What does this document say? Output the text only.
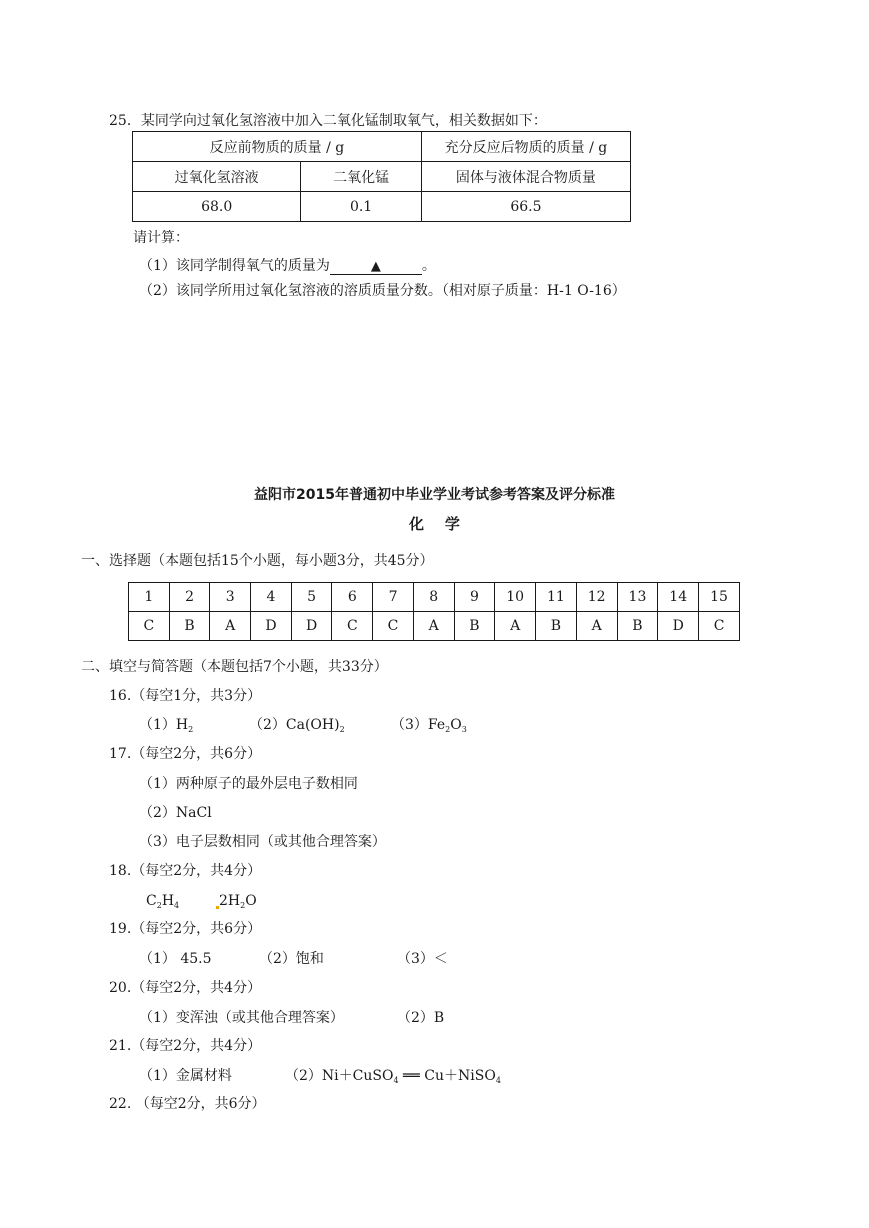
25．某同学向过氧化氢溶液中加入二氧化锰制取氧气，相关数据如下：
反应前物质的质量 / g		充分反应后物质的质量 / g
过氧化氢溶液	二氧化锰	固体与液体混合物质量
68.0	0.1	66.5
请计算：
（1）该同学制得氧气的质量为	▲	。
（2）该同学所用过氧化氢溶液的溶质质量分数。（相对原子质量：H-1 O-16）
益阳市2015年普通初中毕业学业考试参考答案及评分标准
化    学
一、选择题（本题包括15个小题，每小题3分，共45分）
1	2	3	4	5	6	7	8	9	10	11	12	13	14	15
C	B	A	D	D	C	C	A	B	A	B	A	B	D	C
二、填空与简答题（本题包括7个小题，共33分）
16.（每空1分，共3分）
$(1)H_2$	$(2)Ca(OH)_2$	$(3)Fe_2O_3$
17.（每空2分，共6分）
（1）两种原子的最外层电子数相同
（2）NaCl
（3）电子层数相同（或其他合理答案）
18.（每空2分，共4分）
$C_2H_4$	$2H_2O$
19.（每空2分，共6分）
（1） 45.5	（2）饱和	（3）＜
20.（每空2分，共4分）
（1）变浑浊（或其他合理答案）	（2）B
21.（每空2分，共4分）
（1）金属材料	（2）Ni＋CuSO$_4$ ══ Cu＋NiSO$_4$
22. （每空2分，共6分）
